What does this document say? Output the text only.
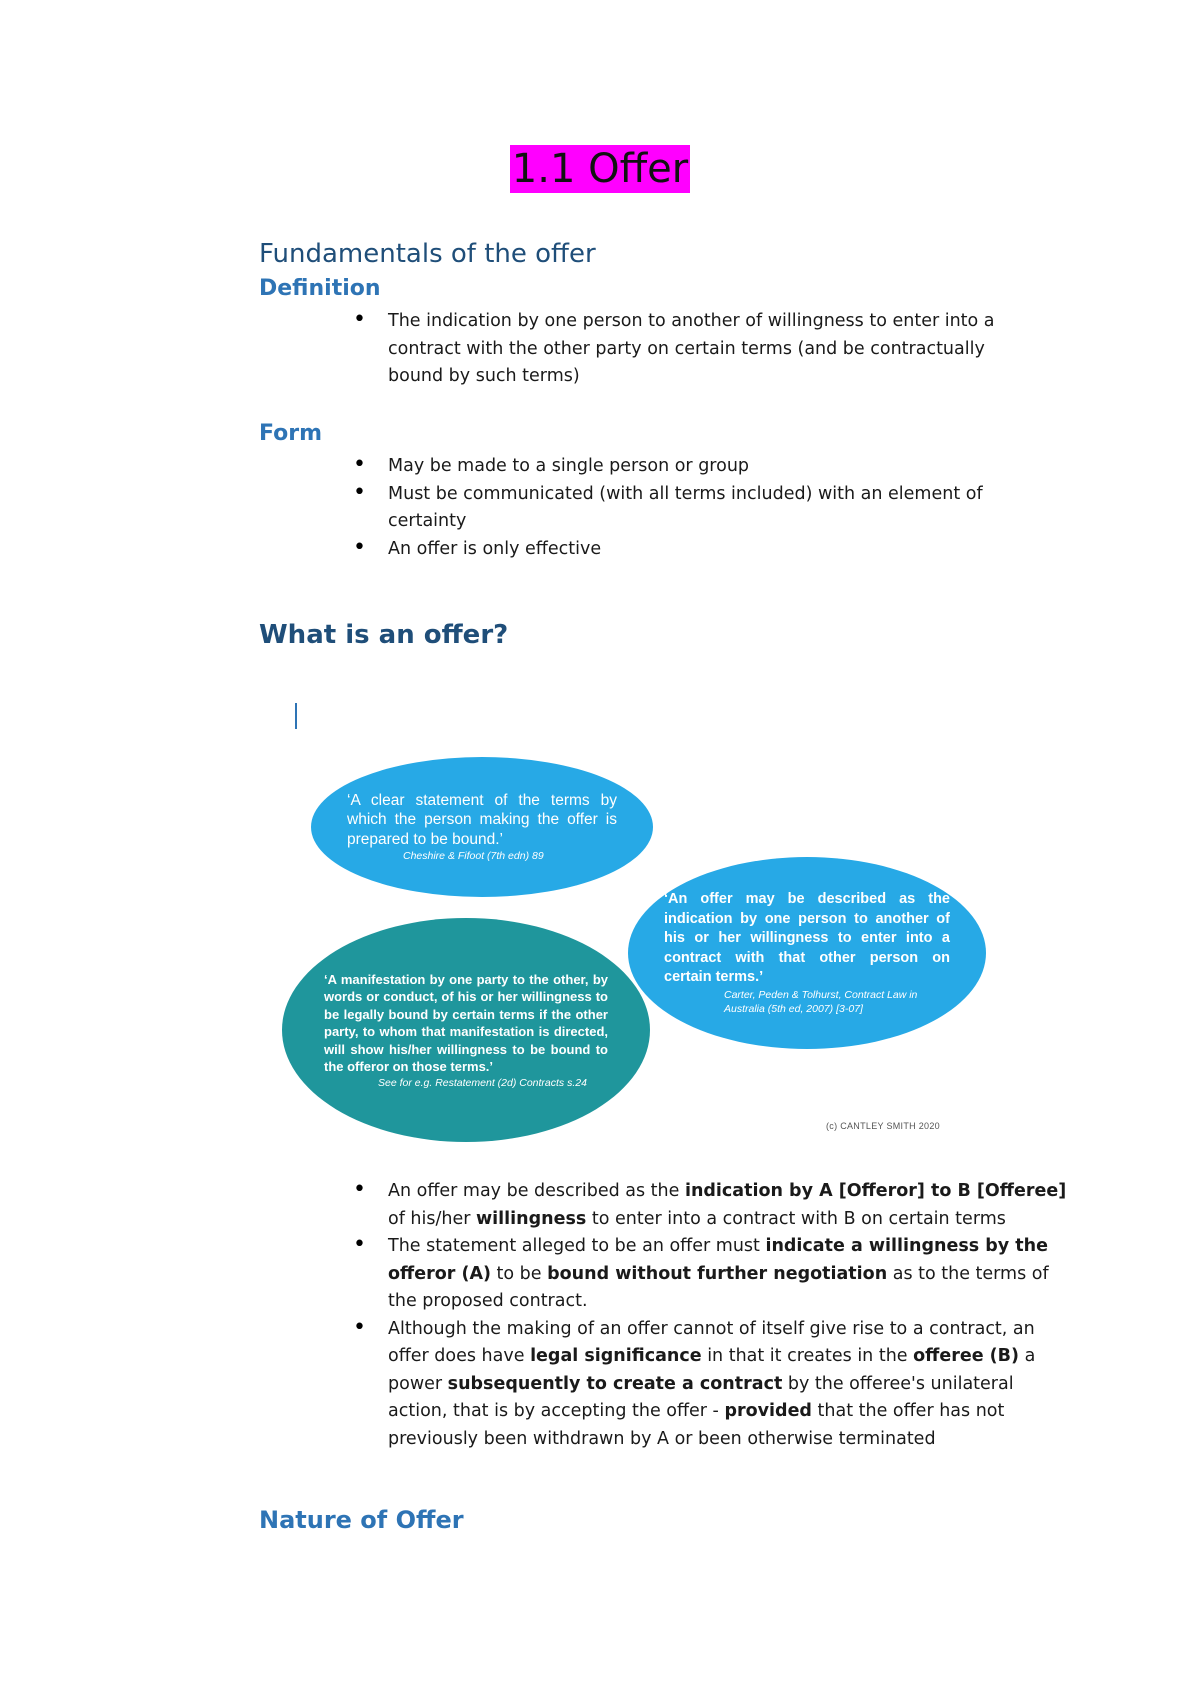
1.1 Offer
Fundamentals of the offer
Definition
• The indication by one person to another of willingness to enter into a contract with the other party on certain terms (and be contractually bound by such terms)
Form
• May be made to a single person or group
• Must be communicated (with all terms included) with an element of certainty
• An offer is only effective
What is an offer?
‘A clear statement of the terms by which the person making the offer is prepared to be bound.’
Cheshire & Fifoot (7th edn) 89
‘An offer may be described as the indication by one person to another of his or her willingness to enter into a contract with that other person on certain terms.’
Carter, Peden & Tolhurst, Contract Law in Australia (5th ed, 2007) [3-07]
‘A manifestation by one party to the other, by words or conduct, of his or her willingness to be legally bound by certain terms if the other party, to whom that manifestation is directed, will show his/her willingness to be bound to the offeror on those terms.’
See for e.g. Restatement (2d) Contracts s.24
(c) CANTLEY SMITH 2020
• An offer may be described as the indication by A [Offeror] to B [Offeree] of his/her willingness to enter into a contract with B on certain terms
• The statement alleged to be an offer must indicate a willingness by the offeror (A) to be bound without further negotiation as to the terms of the proposed contract.
• Although the making of an offer cannot of itself give rise to a contract, an offer does have legal significance in that it creates in the offeree (B) a power subsequently to create a contract by the offeree's unilateral action, that is by accepting the offer - provided that the offer has not previously been withdrawn by A or been otherwise terminated
Nature of Offer
